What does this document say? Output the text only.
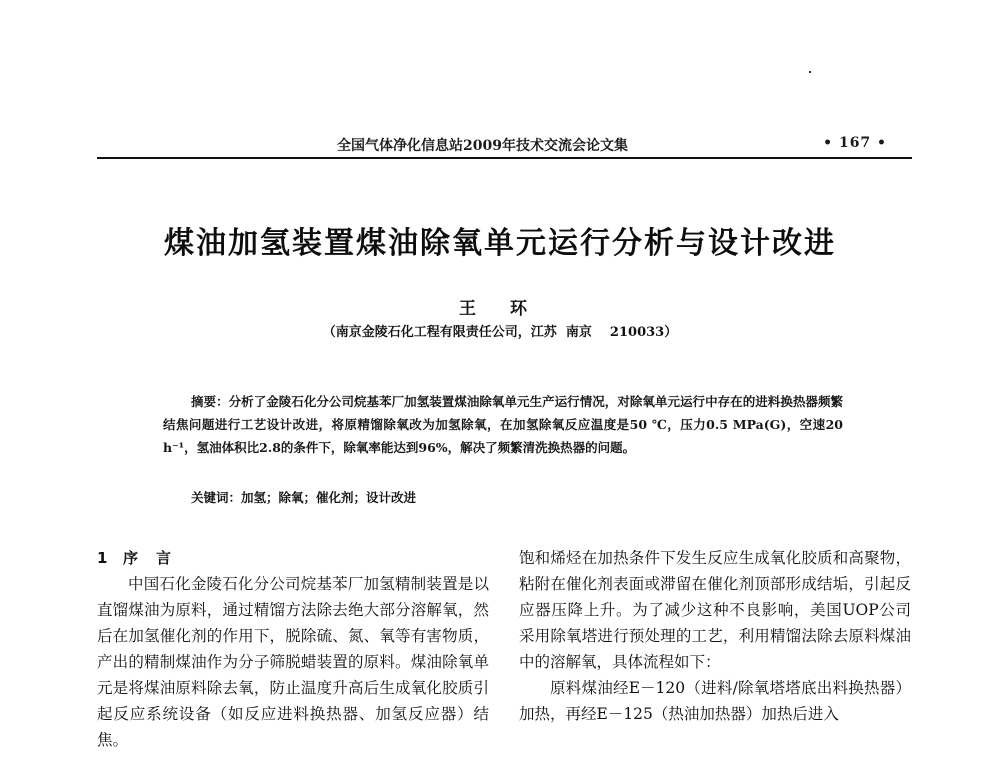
全国气体净化信息站2009年技术交流会论文集	• 167 •
煤油加氢装置煤油除氧单元运行分析与设计改进
王 环
（南京金陵石化工程有限责任公司，江苏  南京    210033）

摘要：分析了金陵石化分公司烷基苯厂加氢装置煤油除氧单元生产运行情况，对除氧单元运行中存在的进料换热器频繁结焦问题进行工艺设计改进，将原精馏除氧改为加氢除氧，在加氢除氧反应温度是50 ℃，压力0.5 MPa(G)，空速20 h⁻¹，氢油体积比2.8的条件下，除氧率能达到96%，解决了频繁清洗换热器的问题。

关键词：加氢；除氧；催化剂；设计改进

1 序言

中国石化金陵石化分公司烷基苯厂加氢精制装置是以直馏煤油为原料，通过精馏方法除去绝大部分溶解氧，然后在加氢催化剂的作用下，脱除硫、氮、氧等有害物质，产出的精制煤油作为分子筛脱蜡装置的原料。煤油除氧单元是将煤油原料除去氧，防止温度升高后生成氧化胶质引起反应系统设备（如反应进料换热器、加氢反应器）结焦。

饱和烯烃在加热条件下发生反应生成氧化胶质和高聚物，粘附在催化剂表面或滞留在催化剂顶部形成结垢，引起反应器压降上升。为了减少这种不良影响，美国UOP公司采用除氧塔进行预处理的工艺，利用精馏法除去原料煤油中的溶解氧，具体流程如下：

原料煤油经E－120（进料/除氧塔塔底出料换热器）加热，再经E－125（热油加热器）加热后进入
